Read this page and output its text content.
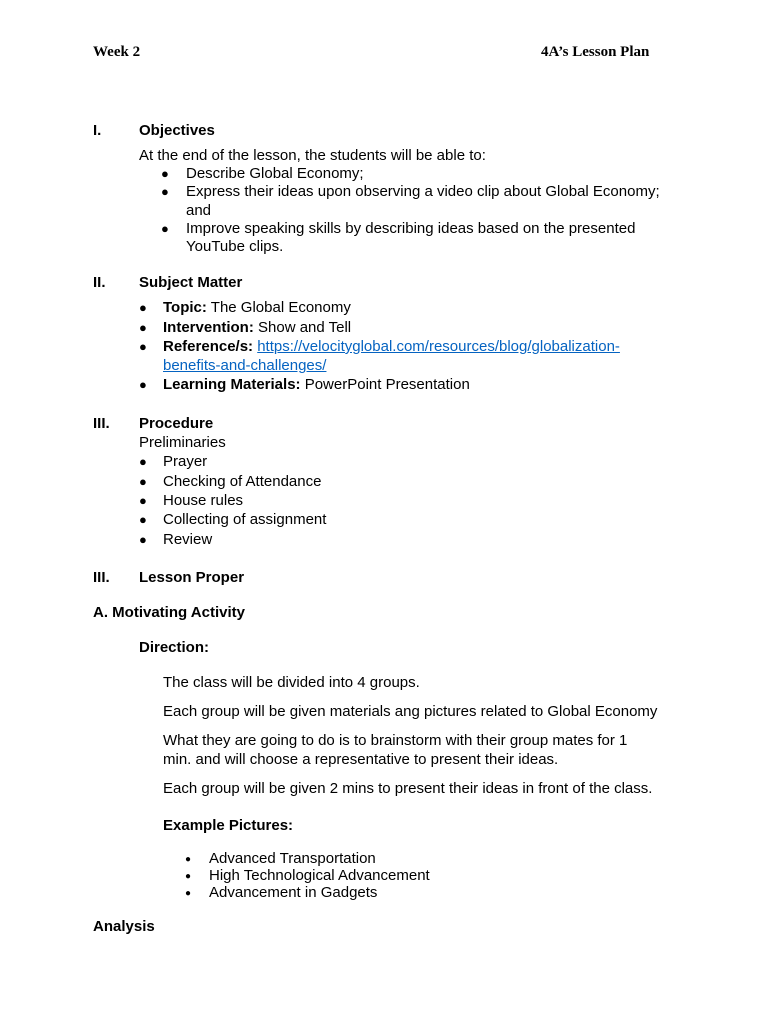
Week 2	4A’s Lesson Plan
I.	Objectives
At the end of the lesson, the students will be able to:
● Describe Global Economy;
● Express their ideas upon observing a video clip about Global Economy;
and
● Improve speaking skills by describing ideas based on the presented
YouTube clips.
II. Subject Matter
● Topic: The Global Economy
● Intervention: Show and Tell
● Reference/s: https://velocityglobal.com/resources/blog/globalization-
benefits-and-challenges/
● Learning Materials: PowerPoint Presentation
III. Procedure
Preliminaries
● Prayer
● Checking of Attendance
● House rules
● Collecting of assignment
● Review
III. Lesson Proper
A. Motivating Activity
Direction:
The class will be divided into 4 groups.
Each group will be given materials ang pictures related to Global Economy
What they are going to do is to brainstorm with their group mates for 1
min. and will choose a representative to present their ideas.
Each group will be given 2 mins to present their ideas in front of the class.
Example Pictures:
● Advanced Transportation
● High Technological Advancement
● Advancement in Gadgets
Analysis
